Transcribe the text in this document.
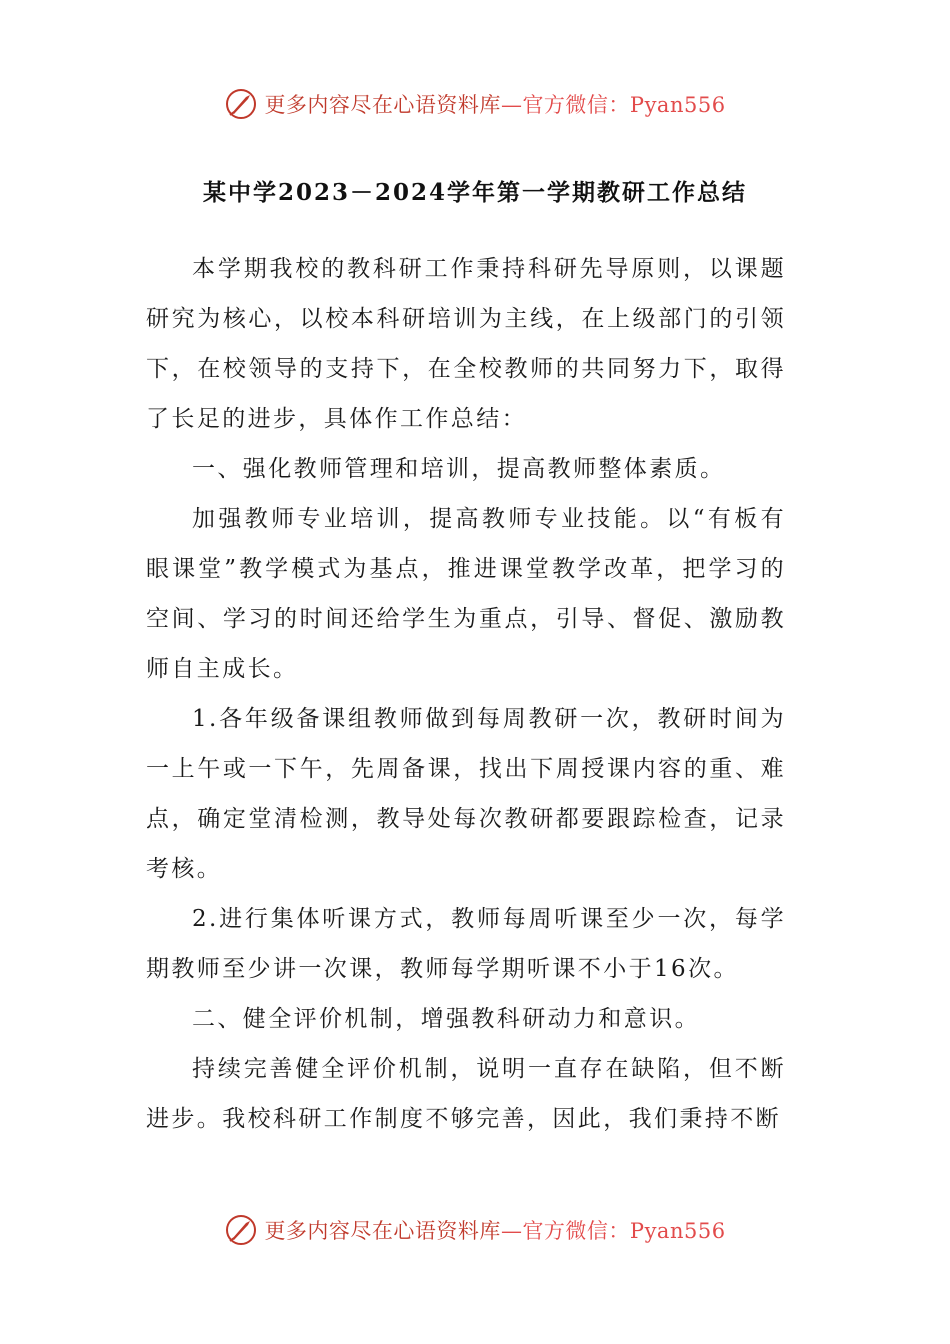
更多内容尽在心语资料库—官方微信：Pyan556
某中学2023－2024学年第一学期教研工作总结

本学期我校的教科研工作秉持科研先导原则，以课题研究为核心，以校本科研培训为主线，在上级部门的引领下，在校领导的支持下，在全校教师的共同努力下，取得了长足的进步，具体作工作总结：

一、强化教师管理和培训，提高教师整体素质。

加强教师专业培训，提高教师专业技能。以“有板有眼课堂”教学模式为基点，推进课堂教学改革，把学习的空间、学习的时间还给学生为重点，引导、督促、激励教师自主成长。

1.各年级备课组教师做到每周教研一次，教研时间为一上午或一下午，先周备课，找出下周授课内容的重、难点，确定堂清检测，教导处每次教研都要跟踪检查，记录考核。

2.进行集体听课方式，教师每周听课至少一次，每学期教师至少讲一次课，教师每学期听课不小于16次。

二、健全评价机制，增强教科研动力和意识。

持续完善健全评价机制，说明一直存在缺陷，但不断进步。我校科研工作制度不够完善，因此，我们秉持不断

更多内容尽在心语资料库—官方微信：Pyan556
